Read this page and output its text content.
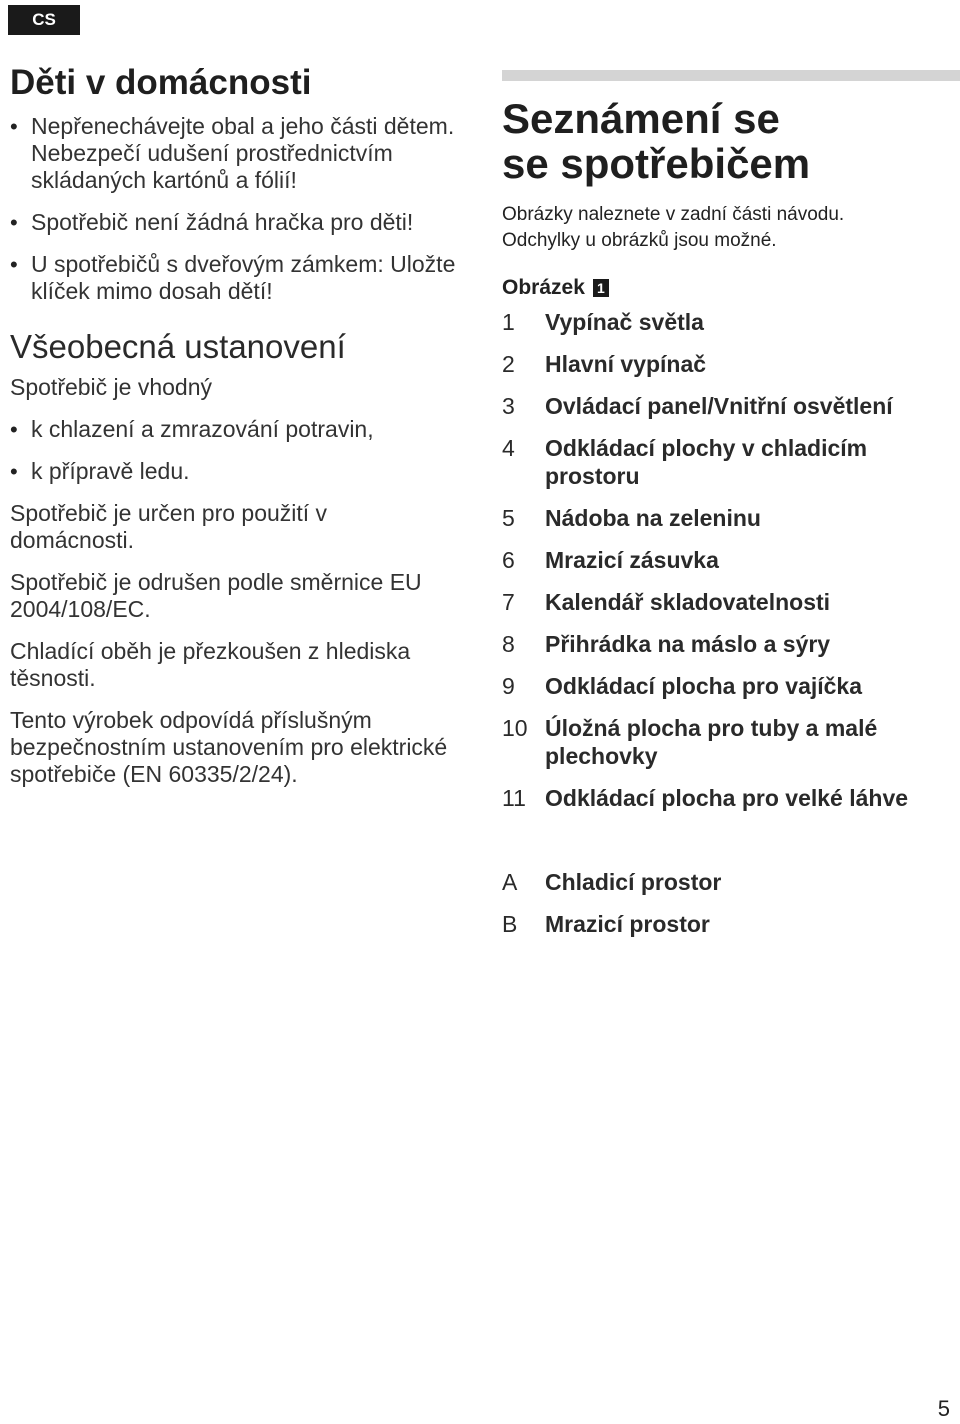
CS
Děti v domácnosti
• Nepřenechávejte obal a jeho části dětem. Nebezpečí udušení prostřednictvím skládaných kartónů a fólií!
• Spotřebič není žádná hračka pro děti!
• U spotřebičů s dveřovým zámkem: Uložte klíček mimo dosah dětí!
Všeobecná ustanovení

Spotřebič je vhodný

• k chlazení a zmrazování potravin,
• k přípravě ledu.

Spotřebič je určen pro použití v domácnosti.

Spotřebič je odrušen podle směrnice EU 2004/108/EC.

Chladící oběh je přezkoušen z hlediska těsnosti.

Tento výrobek odpovídá příslušným bezpečnostním ustanovením pro elektrické spotřebiče (EN 60335/2/24).

Seznámení se
se spotřebičem

Obrázky naleznete v zadní části návodu.
Odchylky u obrázků jsou možné.

Obrázek 1
1	Vypínač světla
2	Hlavní vypínač
3	Ovládací panel/Vnitřní osvětlení
4	Odkládací plochy v chladicím prostoru
5	Nádoba na zeleninu
6	Mrazicí zásuvka
7	Kalendář skladovatelnosti
8	Přihrádka na máslo a sýry
9	Odkládací plocha pro vajíčka
10 Úložná plocha pro tuby a malé plechovky
11 Odkládací plocha pro velké láhve
A	Chladicí prostor
B	Mrazicí prostor
5
